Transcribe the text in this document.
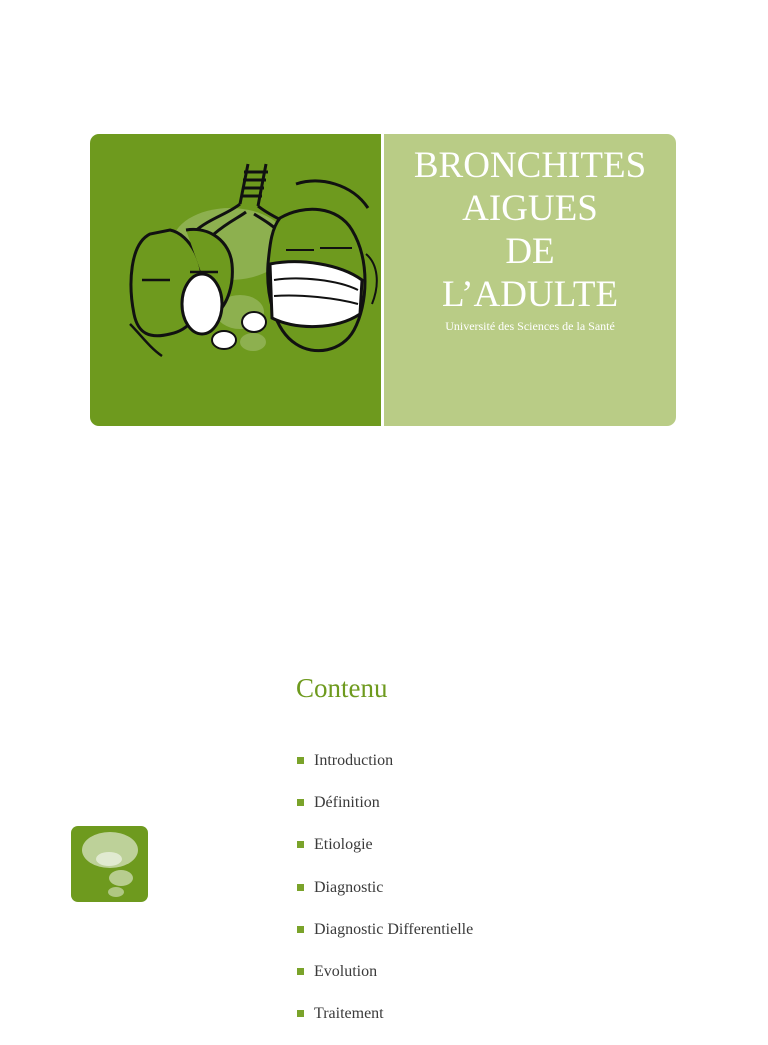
BRONCHITES
AIGUES
DE
L’ADULTE
Université des Sciences de la Santé
Contenu
Introduction
Définition
Etiologie
Diagnostic
Diagnostic Differentielle
Evolution
Traitement
